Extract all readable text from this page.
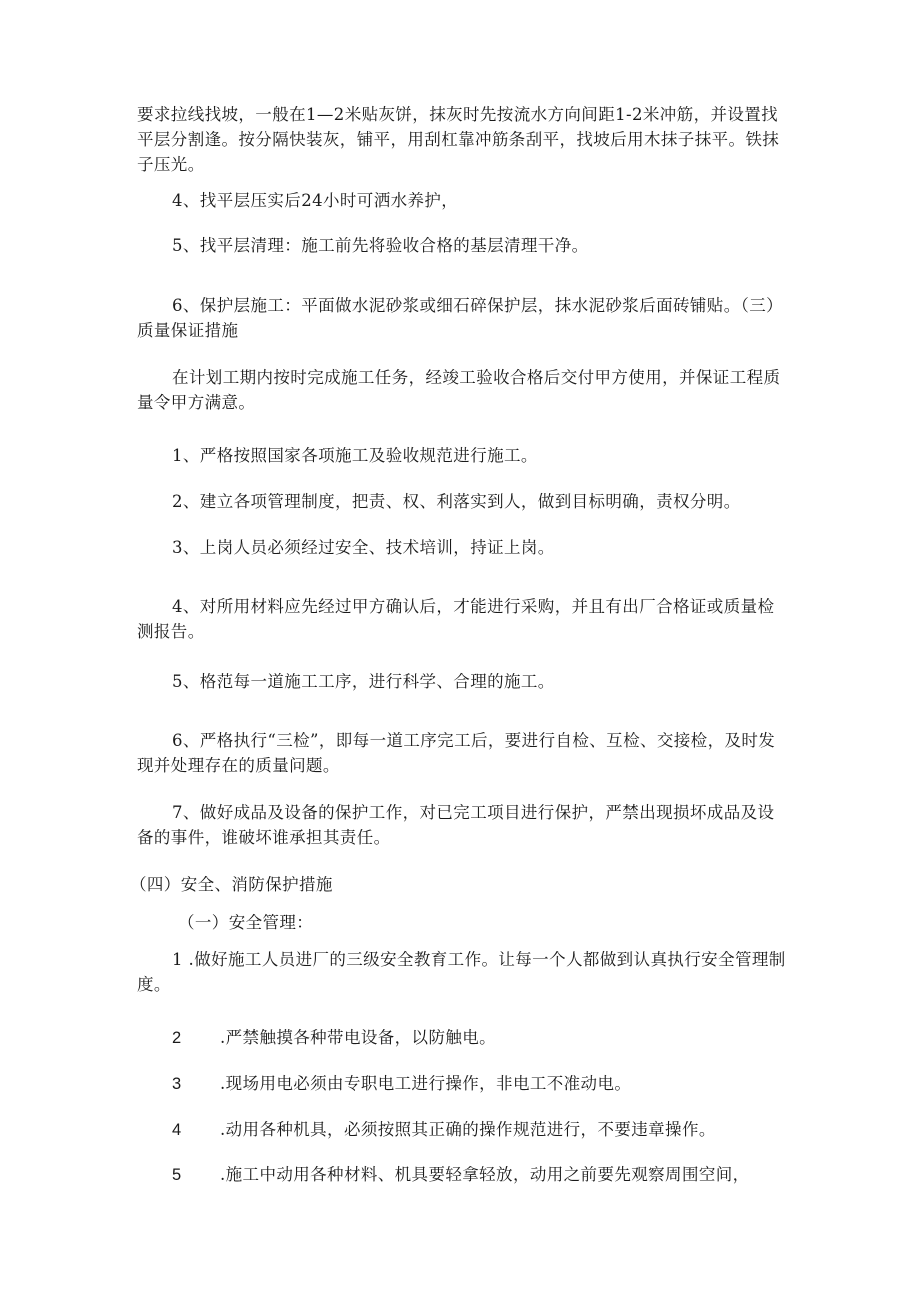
要求拉线找坡，一般在1—2米贴灰饼，抹灰时先按流水方向间距1-2米冲筋，并设置找平层分割逢。按分隔快装灰，铺平，用刮杠靠冲筋条刮平，找坡后用木抹子抹平。铁抹子压光。

4、找平层压实后24小时可洒水养护，

5、找平层清理：施工前先将验收合格的基层清理干净。

6、保护层施工：平面做水泥砂浆或细石碎保护层，抹水泥砂浆后面砖铺贴。（三）质量保证措施

在计划工期内按时完成施工任务，经竣工验收合格后交付甲方使用，并保证工程质量令甲方满意。

1、严格按照国家各项施工及验收规范进行施工。

2、建立各项管理制度，把责、权、利落实到人，做到目标明确，责权分明。

3、上岗人员必须经过安全、技术培训，持证上岗。

4、对所用材料应先经过甲方确认后，才能进行采购，并且有出厂合格证或质量检测报告。

5、格范每一道施工工序，进行科学、合理的施工。

6、严格执行“三检”，即每一道工序完工后，要进行自检、互检、交接检，及时发现并处理存在的质量问题。

7、做好成品及设备的保护工作，对已完工项目进行保护，严禁出现损坏成品及设备的事件，谁破坏谁承担其责任。

（四）安全、消防保护措施

（一）安全管理：

1 .做好施工人员进厂的三级安全教育工作。让每一个人都做到认真执行安全管理制度。

2 .严禁触摸各种带电设备，以防触电。

3 .现场用电必须由专职电工进行操作，非电工不准动电。

4 .动用各种机具，必须按照其正确的操作规范进行，不要违章操作。

5 .施工中动用各种材料、机具要轻拿轻放，动用之前要先观察周围空间，
